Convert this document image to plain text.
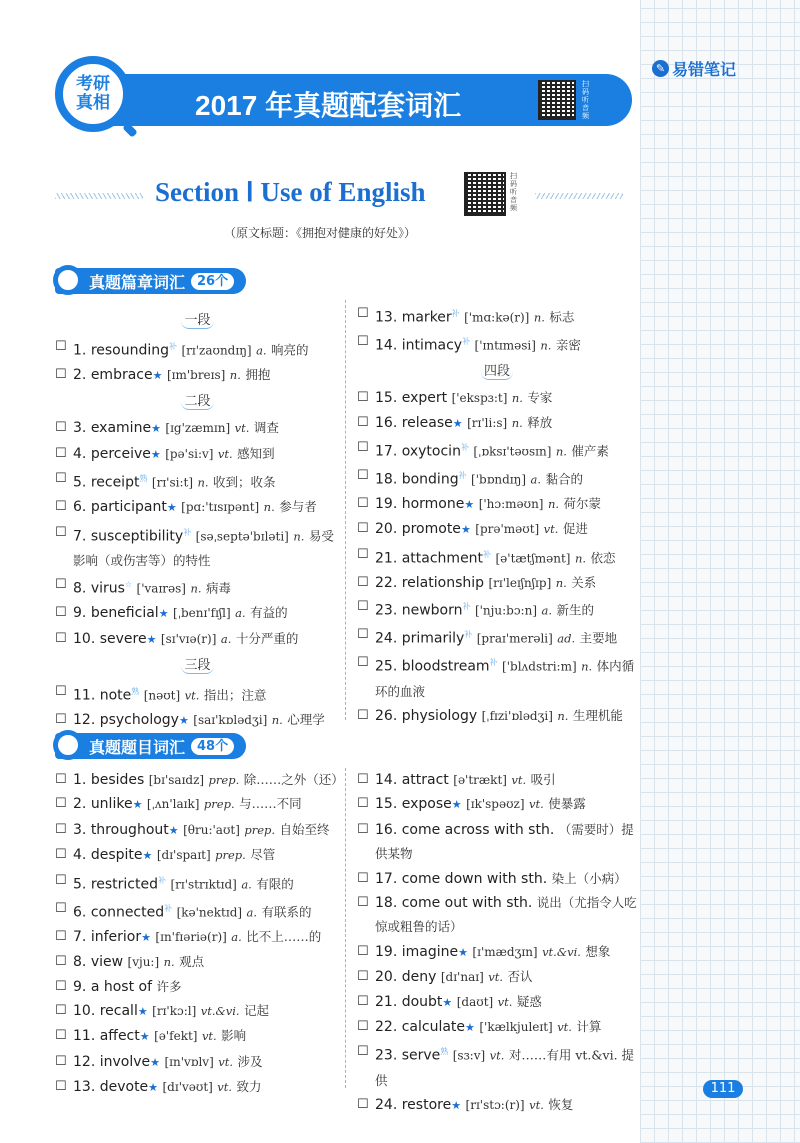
✎ 易错笔记
扫码听音频
考研
真相	2017 年真题配套词汇
Section Ⅰ Use of English
扫码听音频
（原文标题：《拥抱对健康的好处》）
真题篇章词汇 26个
一段
☐ 1. resounding$^补$ [rɪ'zaʊndɪŋ] a. 响亮的
☐ 2. embrace★ [ɪm'breɪs] n. 拥抱
二段
☐ 3. examine★ [ɪg'zæmɪn] vt. 调查
☐ 4. perceive★ [pə'si:v] vt. 感知到
☐ 5. receipt$^熟$ [rɪ'si:t] n. 收到；收条
☐ 6. participant★ [pɑ:'tɪsɪpənt] n. 参与者
☐ 7. susceptibility$^补$ [səˌseptə'bɪləti] n. 易受影响（或伤害等）的特性
☐ 8. virus☆ ['vaɪrəs] n. 病毒
☐ 9. beneficial★ [ˌbenɪ'fɪʃl] a. 有益的
☐ 10. severe★ [sɪ'vɪə(r)] a. 十分严重的
三段
☐ 11. note$^熟$ [nəʊt] vt. 指出；注意
☐ 12. psychology★ [saɪ'kɒlədʒi] n. 心理学
☐ 13. marker$^补$ ['mɑ:kə(r)] n. 标志
☐ 14. intimacy$^补$ ['ɪntɪməsi] n. 亲密
四段
☐ 15. expert ['ekspɜ:t] n. 专家
☐ 16. release★ [rɪ'li:s] n. 释放
☐ 17. oxytocin$^补$ [ˌɒksɪ'təʊsɪn] n. 催产素
☐ 18. bonding$^补$ ['bɒndɪŋ] a. 黏合的
☐ 19. hormone★ ['hɔ:məʊn] n. 荷尔蒙
☐ 20. promote★ [prə'məʊt] vt. 促进
☐ 21. attachment$^补$ [ə'tætʃmənt] n. 依恋
☐ 22. relationship [rɪ'leɪʃnʃɪp] n. 关系
☐ 23. newborn$^补$ ['nju:bɔ:n] a. 新生的
☐ 24. primarily$^补$ [praɪ'merəli] ad. 主要地
☐ 25. bloodstream$^补$ ['blʌdstri:m] n. 体内循环的血液
☐ 26. physiology [ˌfɪzi'ɒlədʒi] n. 生理机能
真题题目词汇 48个
☐ 1. besides [bɪ'saɪdz] prep. 除……之外（还）
☐ 2. unlike★ [ˌʌn'laɪk] prep. 与……不同
☐ 3. throughout★ [θru:'aʊt] prep. 自始至终
☐ 4. despite★ [dɪ'spaɪt] prep. 尽管
☐ 5. restricted$^补$ [rɪ'strɪktɪd] a. 有限的
☐ 6. connected$^补$ [kə'nektɪd] a. 有联系的
☐ 7. inferior★ [ɪn'fɪəriə(r)] a. 比不上……的
☐ 8. view [vju:] n. 观点
☐ 9. a host of 许多
☐ 10. recall★ [rɪ'kɔ:l] vt.&vi. 记起
☐ 11. affect★ [ə'fekt] vt. 影响
☐ 12. involve★ [ɪn'vɒlv] vt. 涉及
☐ 13. devote★ [dɪ'vəʊt] vt. 致力
☐ 14. attract [ə'trækt] vt. 吸引
☐ 15. expose★ [ɪk'spəʊz] vt. 使暴露
☐ 16. come across with sth. （需要时）提供某物
☐ 17. come down with sth. 染上（小病）
☐ 18. come out with sth. 说出（尤指令人吃惊或粗鲁的话）
☐ 19. imagine★ [ɪ'mædʒɪn] vt.&vi. 想象
☐ 20. deny [dɪ'naɪ] vt. 否认
☐ 21. doubt★ [daʊt] vt. 疑惑
☐ 22. calculate★ ['kælkjuleɪt] vt. 计算
☐ 23. serve$^熟$ [sɜ:v] vt. 对……有用 vt.&vi. 提供
☐ 24. restore★ [rɪ'stɔ:(r)] vt. 恢复
111
